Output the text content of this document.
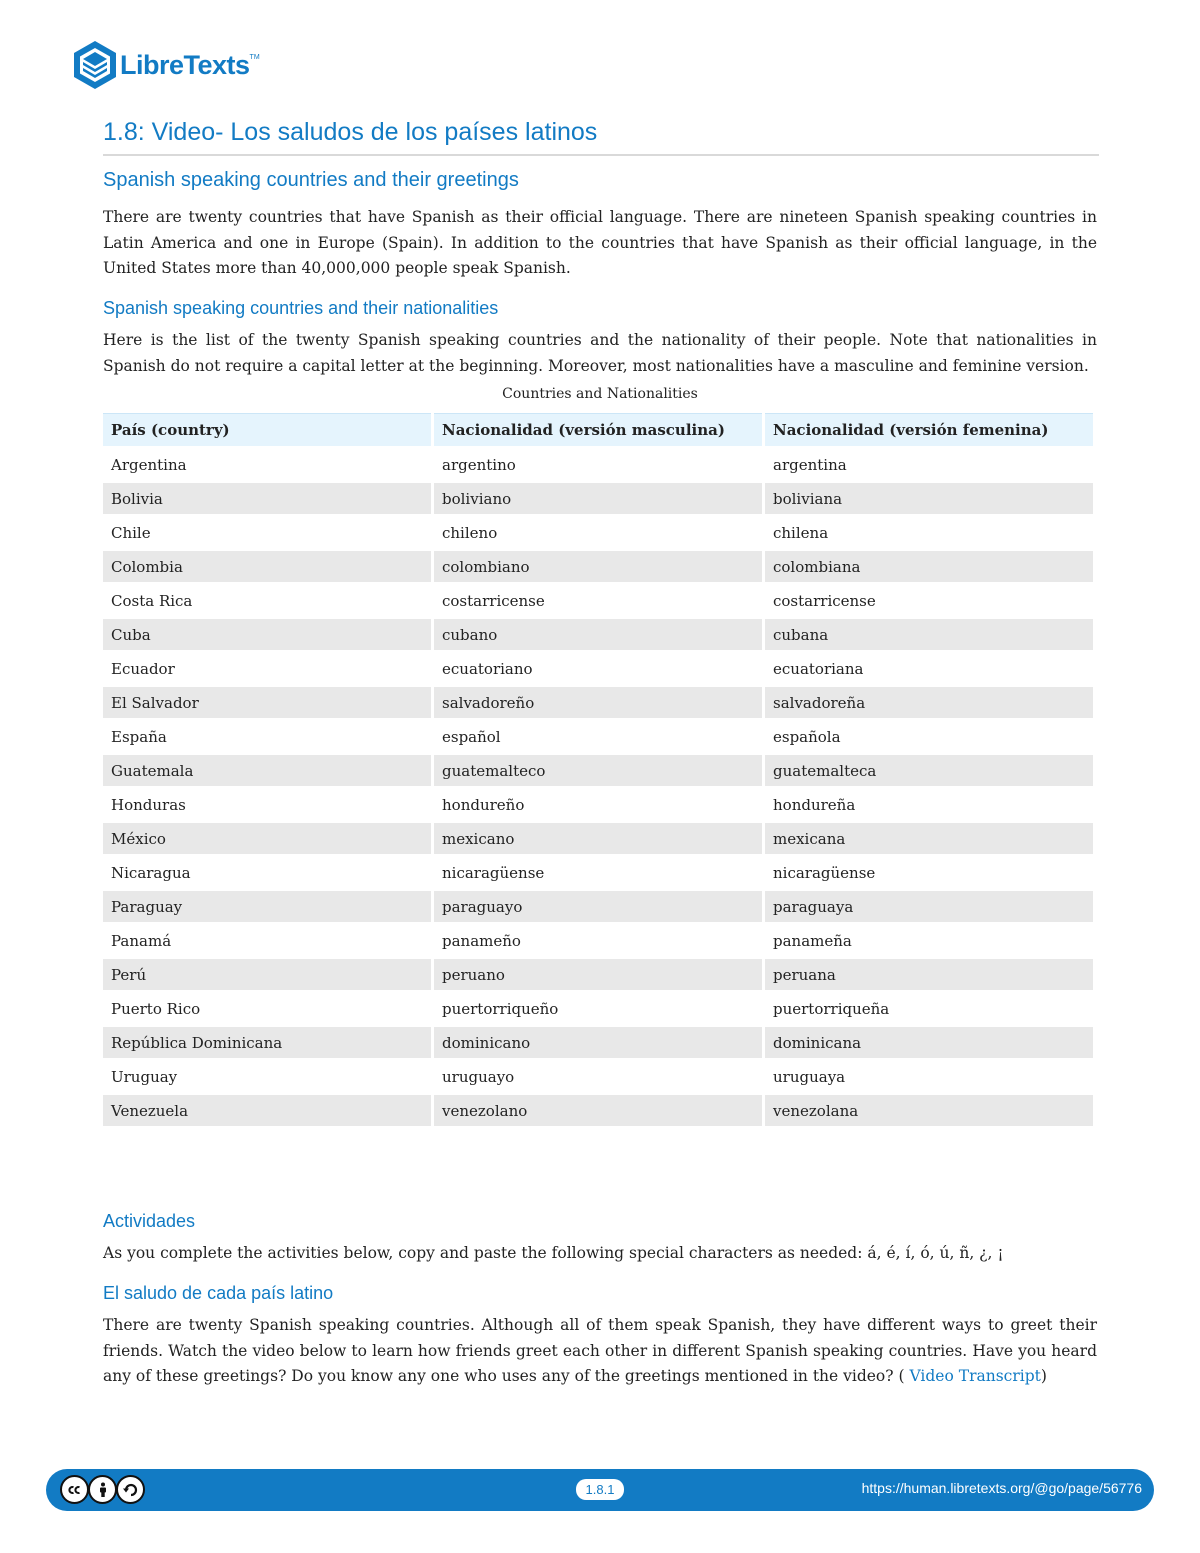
LibreTexts TM
1.8: Video- Los saludos de los países latinos
Spanish speaking countries and their greetings

There are twenty countries that have Spanish as their official language. There are nineteen Spanish speaking countries in Latin America and one in Europe (Spain). In addition to the countries that have Spanish as their official language, in the United States more than 40,000,000 people speak Spanish.

Spanish speaking countries and their nationalities

Here is the list of the twenty Spanish speaking countries and the nationality of their people. Note that nationalities in Spanish do not require a capital letter at the beginning. Moreover, most nationalities have a masculine and feminine version.

Countries and Nationalities
País (country)	Nacionalidad (versión masculina)	Nacionalidad (versión femenina)
Argentina	argentino	argentina
Bolivia	boliviano	boliviana
Chile	chileno	chilena
Colombia	colombiano	colombiana
Costa Rica	costarricense	costarricense
Cuba	cubano	cubana
Ecuador	ecuatoriano	ecuatoriana
El Salvador	salvadoreño	salvadoreña
España	español	española
Guatemala	guatemalteco	guatemalteca
Honduras	hondureño	hondureña
México	mexicano	mexicana
Nicaragua	nicaragüense	nicaragüense
Paraguay	paraguayo	paraguaya
Panamá	panameño	panameña
Perú	peruano	peruana
Puerto Rico	puertorriqueño	puertorriqueña
República Dominicana	dominicano	dominicana
Uruguay	uruguayo	uruguaya
Venezuela	venezolano	venezolana
Actividades

As you complete the activities below, copy and paste the following special characters as needed: á, é, í, ó, ú, ñ, ¿, ¡

El saludo de cada país latino

There are twenty Spanish speaking countries. Although all of them speak Spanish, they have different ways to greet their friends. Watch the video below to learn how friends greet each other in different Spanish speaking countries. Have you heard any of these greetings? Do you know any one who uses any of the greetings mentioned in the video? ( Video Transcript)

1.8.1	https://human.libretexts.org/@go/page/56776
